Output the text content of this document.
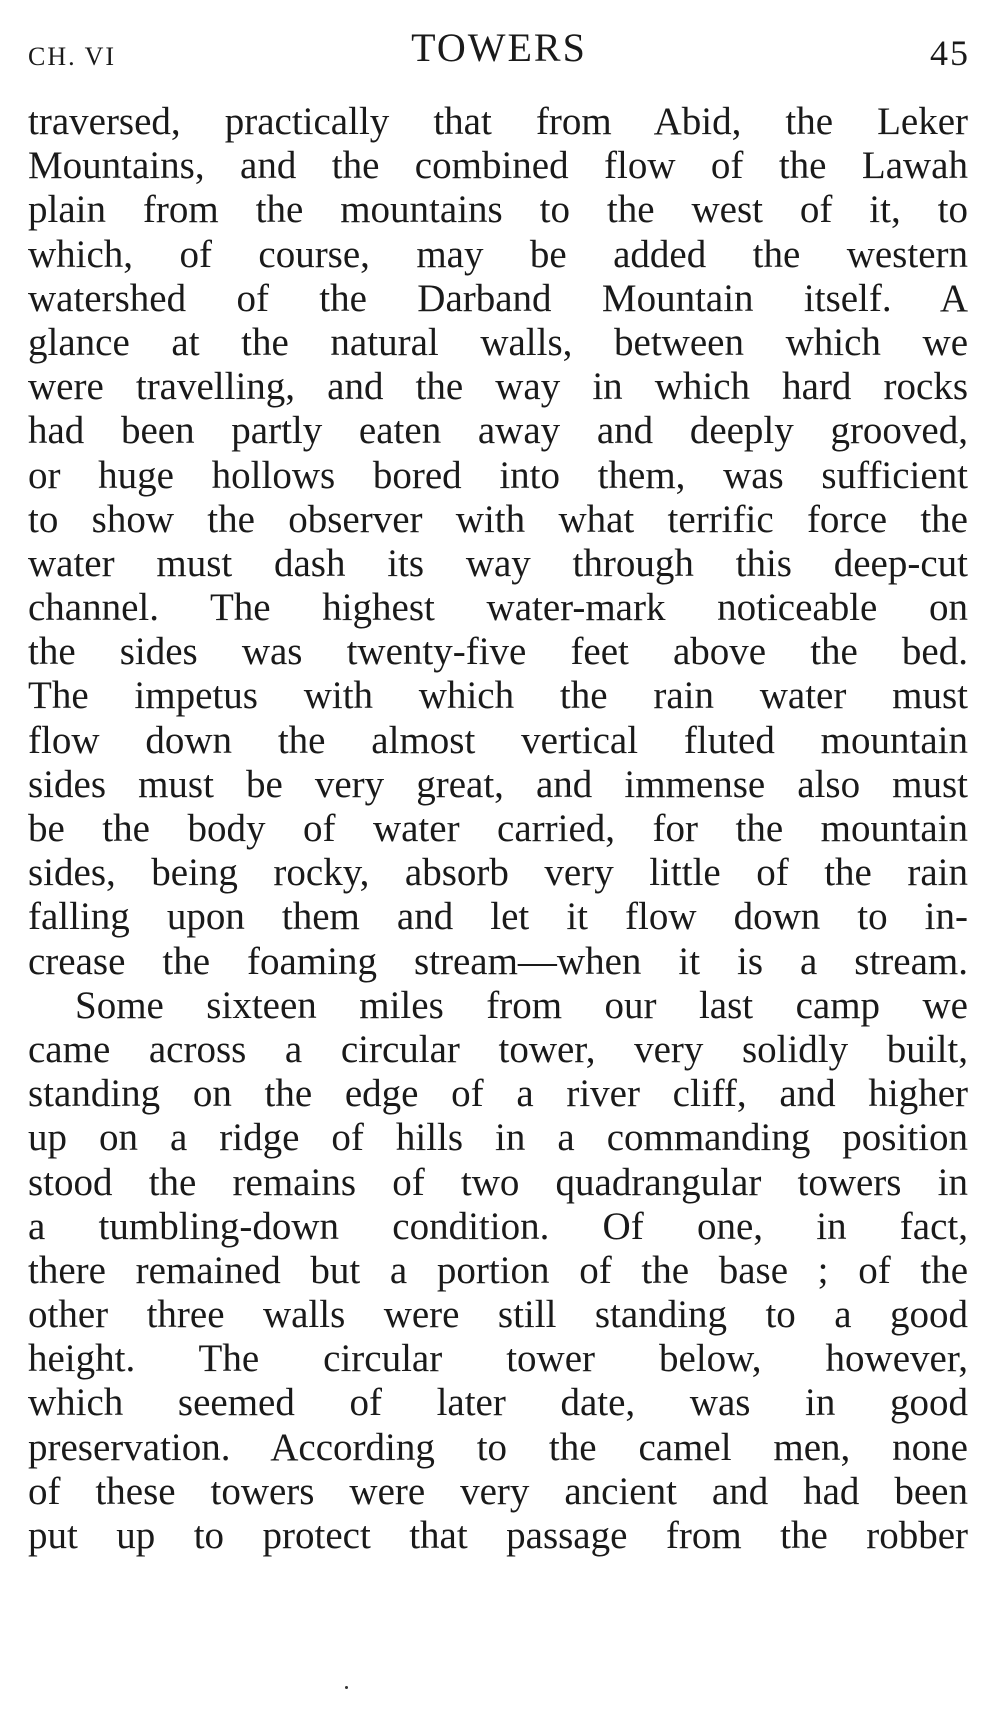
CH. VI	TOWERS	45
traversed, practically that from Abid, the Leker
Mountains, and the combined flow of the Lawah
plain from the mountains to the west of it, to
which, of course, may be added the western
watershed of the Darband Mountain itself. A
glance at the natural walls, between which we
were travelling, and the way in which hard rocks
had been partly eaten away and deeply grooved,
or huge hollows bored into them, was sufficient
to show the observer with what terrific force the
water must dash its way through this deep-cut
channel. The highest water-mark noticeable on
the sides was twenty-five feet above the bed.
The impetus with which the rain water must
flow down the almost vertical fluted mountain
sides must be very great, and immense also must
be the body of water carried, for the mountain
sides, being rocky, absorb very little of the rain
falling upon them and let it flow down to in-
crease the foaming stream—when it is a stream.
Some sixteen miles from our last camp we
came across a circular tower, very solidly built,
standing on the edge of a river cliff, and higher
up on a ridge of hills in a commanding position
stood the remains of two quadrangular towers in
a tumbling-down condition. Of one, in fact,
there remained but a portion of the base ; of the
other three walls were still standing to a good
height. The circular tower below, however,
which seemed of later date, was in good
preservation. According to the camel men, none
of these towers were very ancient and had been
put up to protect that passage from the robber
